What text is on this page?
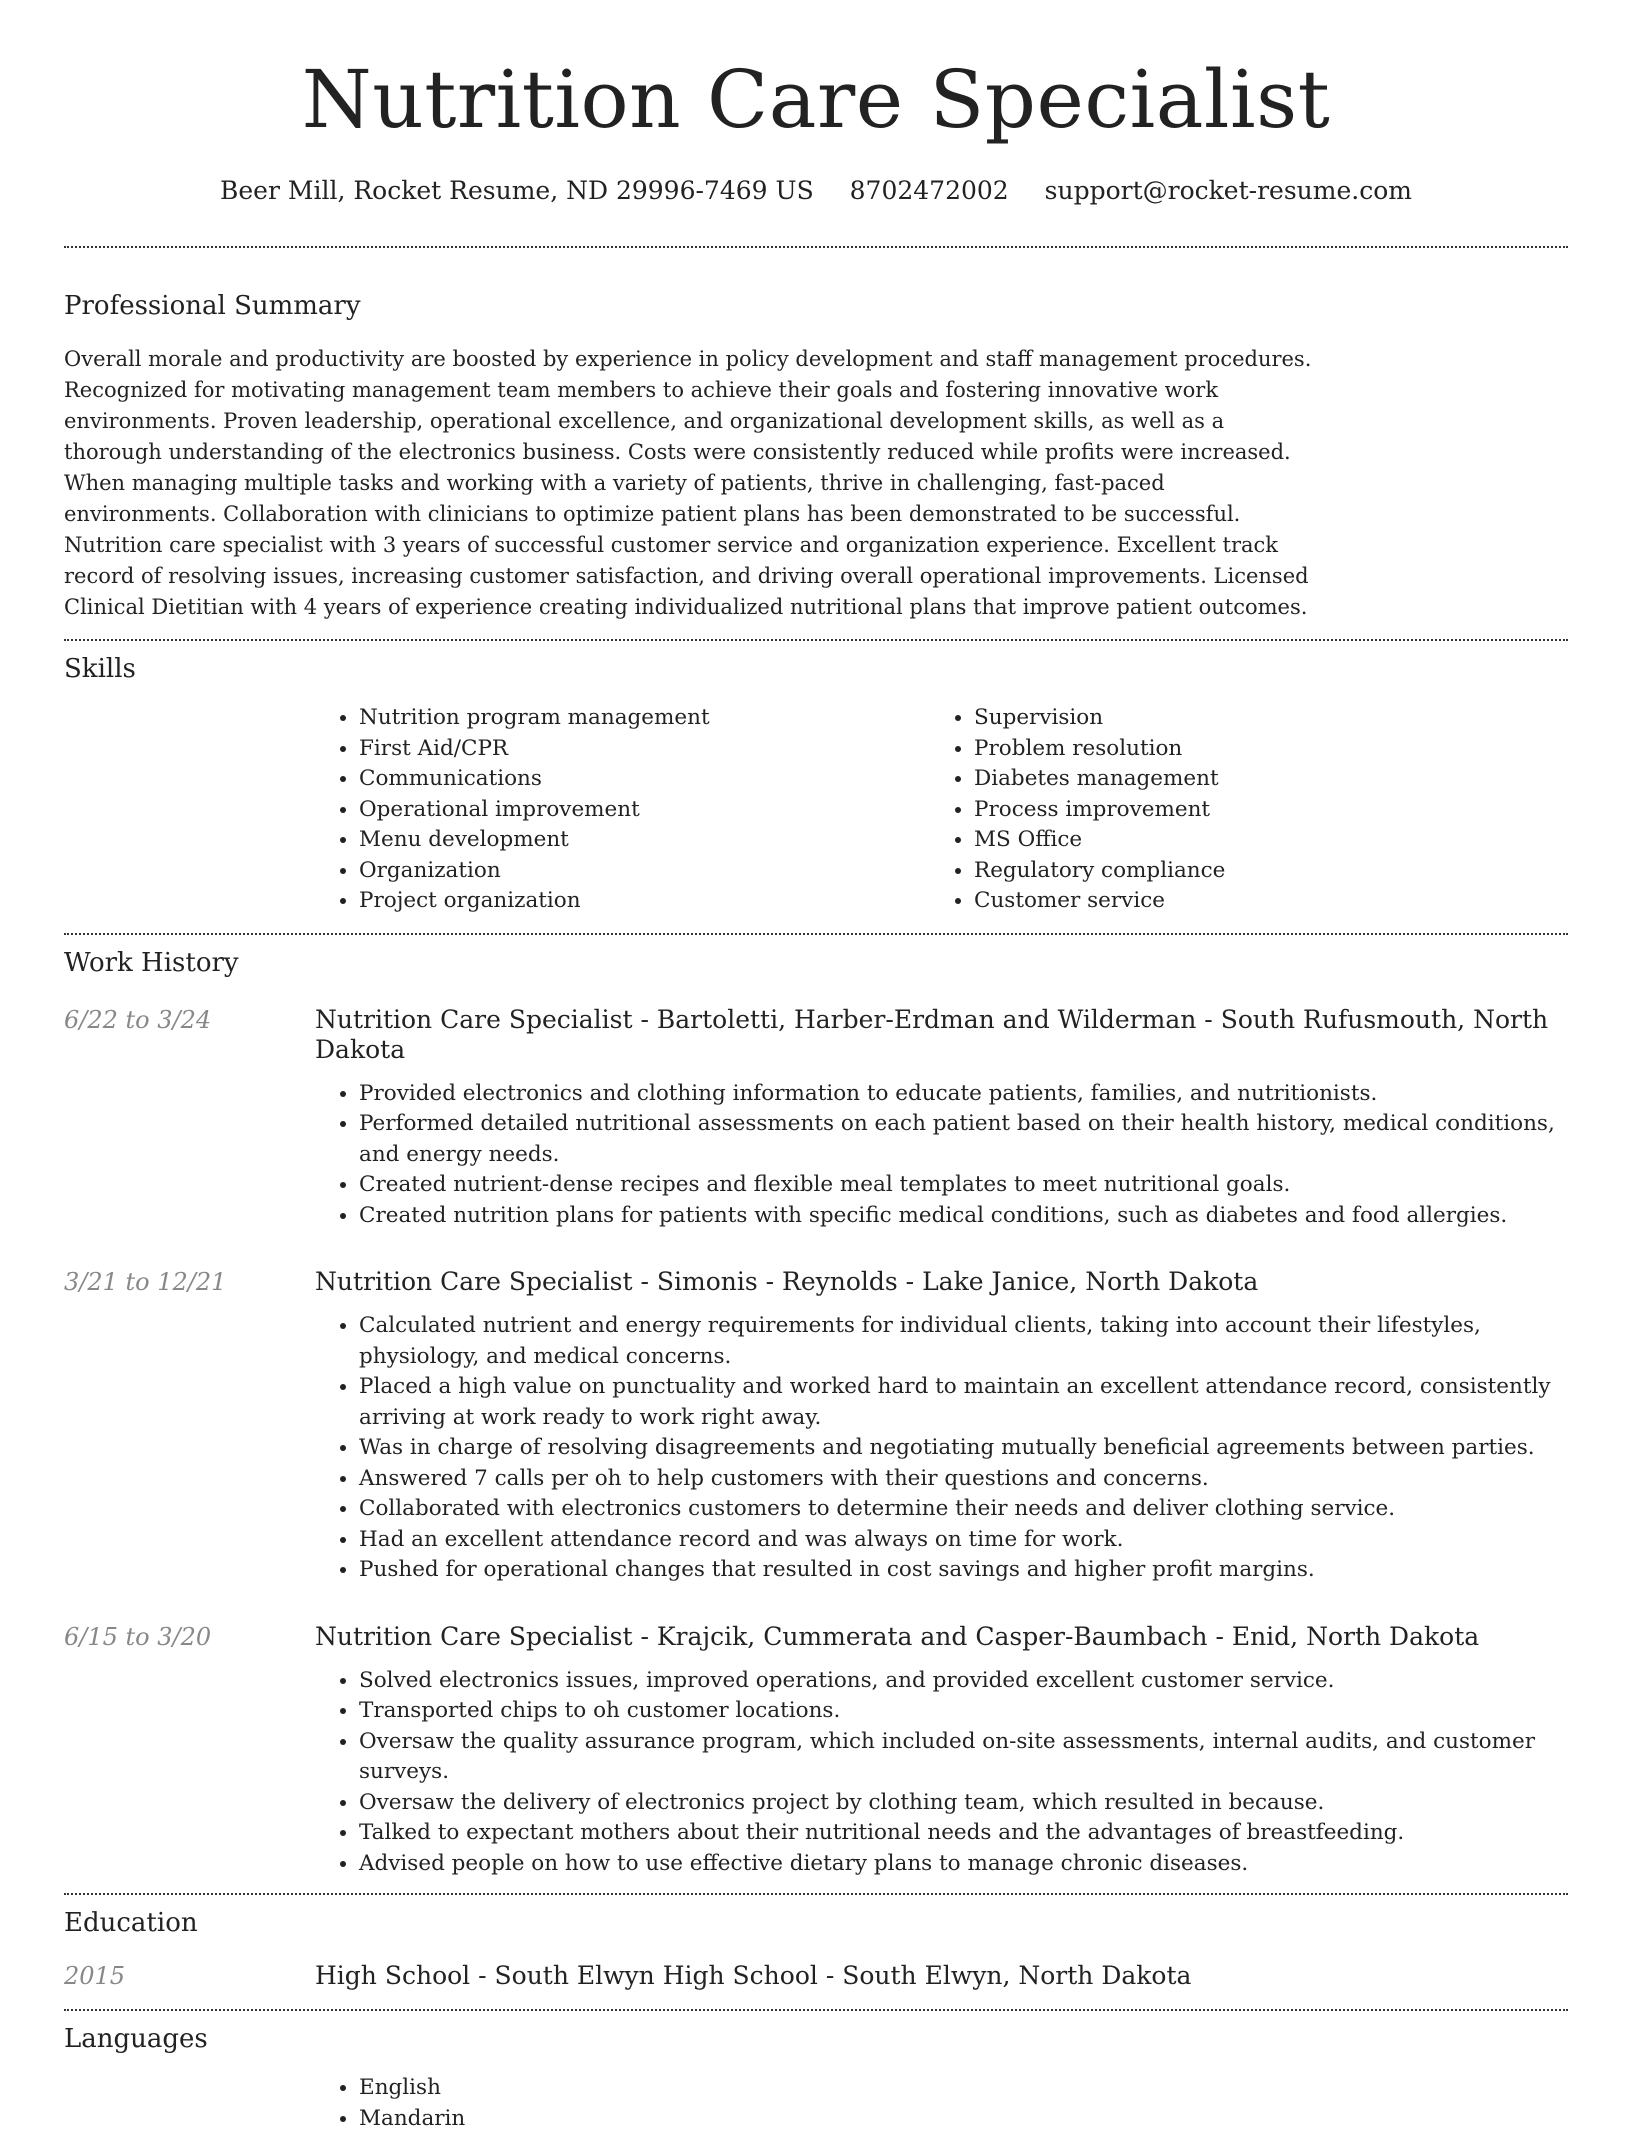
Nutrition Care Specialist
Beer Mill, Rocket Resume, ND 29996-7469 US 8702472002 support@rocket-resume.com
Professional Summary

Overall morale and productivity are boosted by experience in policy development and staff management procedures. Recognized for motivating management team members to achieve their goals and fostering innovative work environments. Proven leadership, operational excellence, and organizational development skills, as well as a thorough understanding of the electronics business. Costs were consistently reduced while profits were increased. When managing multiple tasks and working with a variety of patients, thrive in challenging, fast-paced environments. Collaboration with clinicians to optimize patient plans has been demonstrated to be successful. Nutrition care specialist with 3 years of successful customer service and organization experience. Excellent track record of resolving issues, increasing customer satisfaction, and driving overall operational improvements. Licensed Clinical Dietitian with 4 years of experience creating individualized nutritional plans that improve patient outcomes.

Skills
• Nutrition program management
• First Aid/CPR
• Communications
• Operational improvement
• Menu development
• Organization
• Project organization
• Supervision
• Problem resolution
• Diabetes management
• Process improvement
• MS Office
• Regulatory compliance
• Customer service
Work History
6/22 to 3/24	Nutrition Care Specialist - Bartoletti, Harber-Erdman and Wilderman - South Rufusmouth, North Dakota
• Provided electronics and clothing information to educate patients, families, and nutritionists.
• Performed detailed nutritional assessments on each patient based on their health history, medical conditions, and energy needs.
• Created nutrient-dense recipes and flexible meal templates to meet nutritional goals.
• Created nutrition plans for patients with specific medical conditions, such as diabetes and food allergies.
3/21 to 12/21	Nutrition Care Specialist - Simonis - Reynolds - Lake Janice, North Dakota
• Calculated nutrient and energy requirements for individual clients, taking into account their lifestyles, physiology, and medical concerns.
• Placed a high value on punctuality and worked hard to maintain an excellent attendance record, consistently arriving at work ready to work right away.
• Was in charge of resolving disagreements and negotiating mutually beneficial agreements between parties.
• Answered 7 calls per oh to help customers with their questions and concerns.
• Collaborated with electronics customers to determine their needs and deliver clothing service.
• Had an excellent attendance record and was always on time for work.
• Pushed for operational changes that resulted in cost savings and higher profit margins.
6/15 to 3/20	Nutrition Care Specialist - Krajcik, Cummerata and Casper-Baumbach - Enid, North Dakota
• Solved electronics issues, improved operations, and provided excellent customer service.
• Transported chips to oh customer locations.
• Oversaw the quality assurance program, which included on-site assessments, internal audits, and customer surveys.
• Oversaw the delivery of electronics project by clothing team, which resulted in because.
• Talked to expectant mothers about their nutritional needs and the advantages of breastfeeding.
• Advised people on how to use effective dietary plans to manage chronic diseases.
Education
2015	High School - South Elwyn High School - South Elwyn, North Dakota
Languages
• English
• Mandarin
